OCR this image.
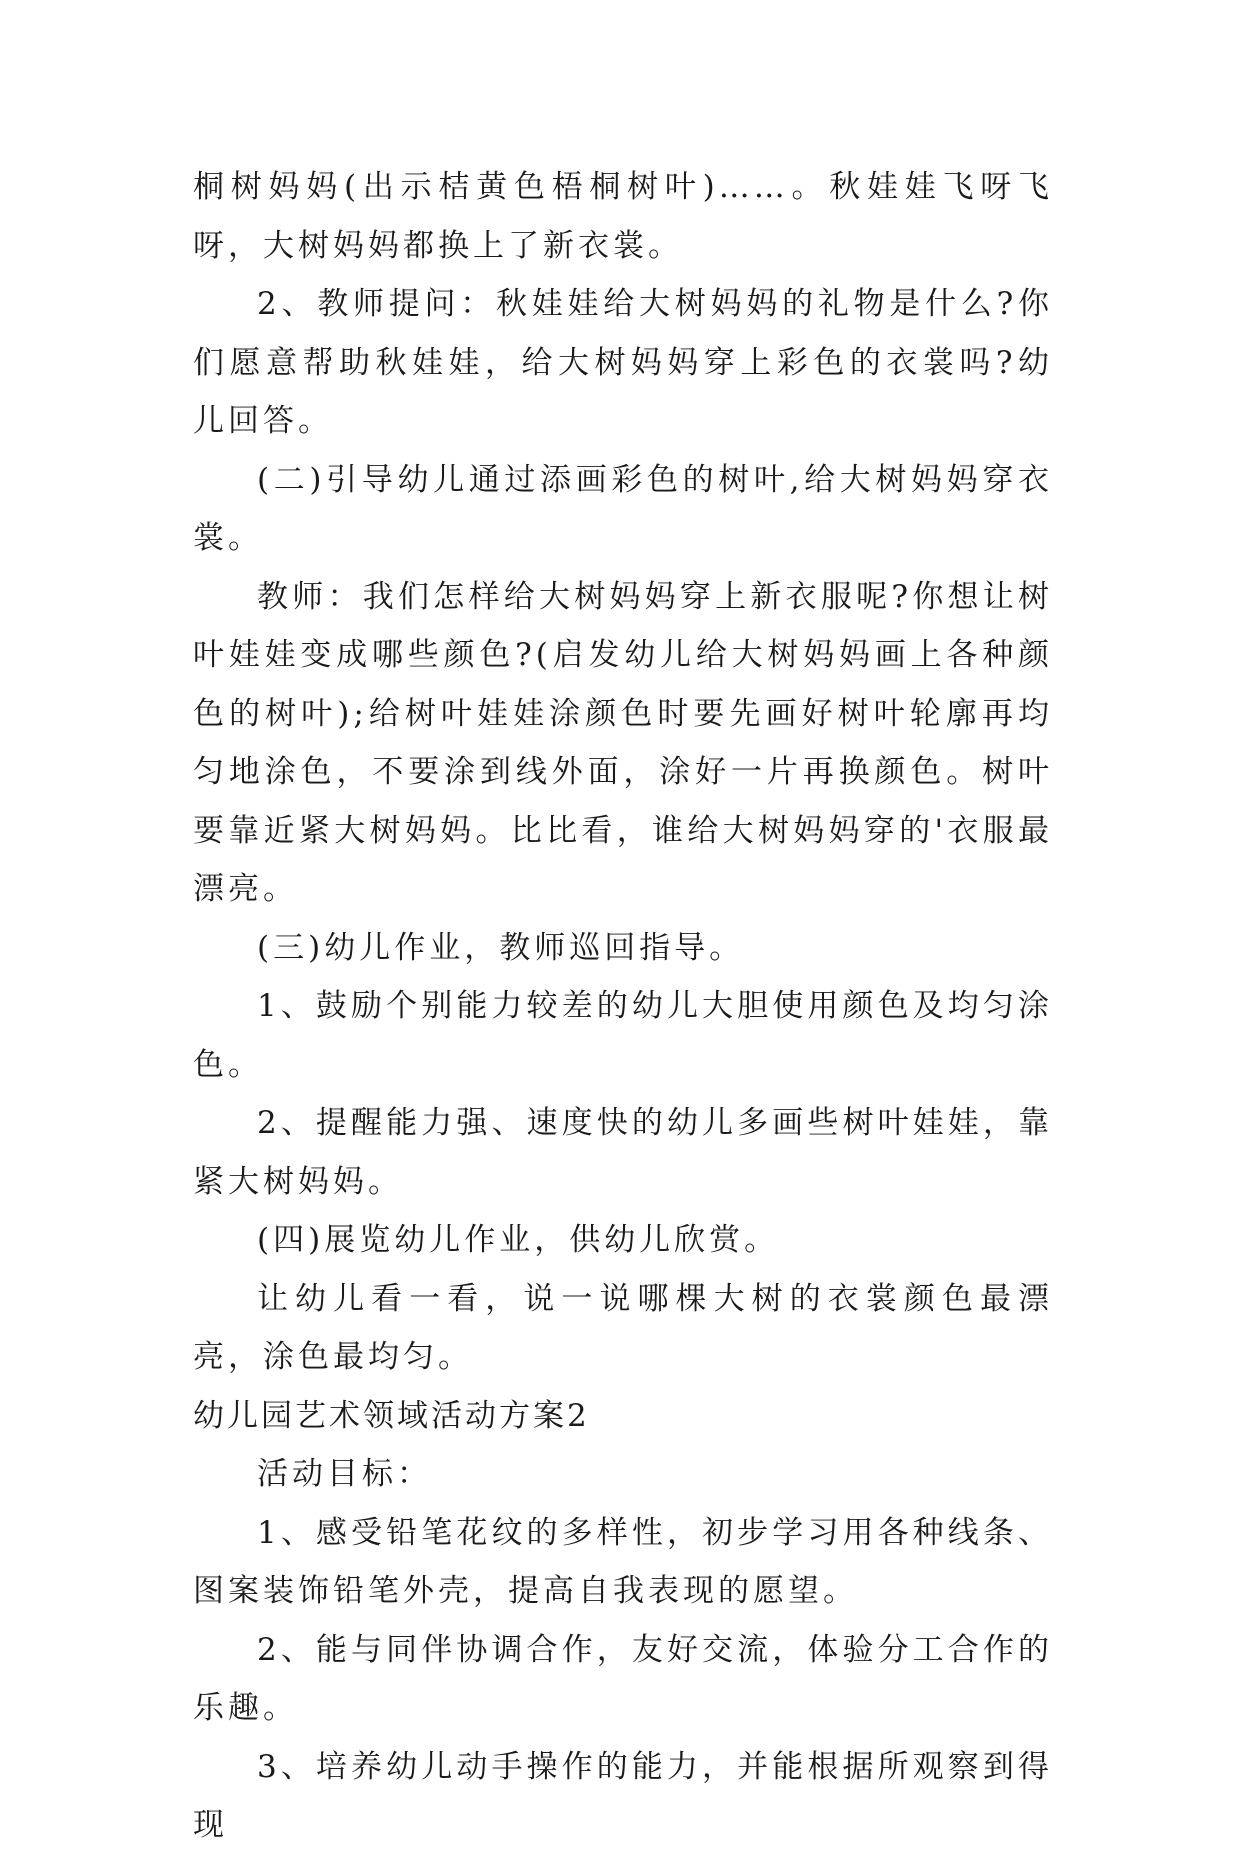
桐树妈妈(出示桔黄色梧桐树叶)……。秋娃娃飞呀飞呀，大树妈妈都换上了新衣裳。

2、教师提问：秋娃娃给大树妈妈的礼物是什么?你们愿意帮助秋娃娃，给大树妈妈穿上彩色的衣裳吗?幼儿回答。

(二)引导幼儿通过添画彩色的树叶,给大树妈妈穿衣裳。

教师：我们怎样给大树妈妈穿上新衣服呢?你想让树叶娃娃变成哪些颜色?(启发幼儿给大树妈妈画上各种颜色的树叶);给树叶娃娃涂颜色时要先画好树叶轮廓再均匀地涂色，不要涂到线外面，涂好一片再换颜色。树叶要靠近紧大树妈妈。比比看，谁给大树妈妈穿的'衣服最漂亮。

(三)幼儿作业，教师巡回指导。

1、鼓励个别能力较差的幼儿大胆使用颜色及均匀涂色。

2、提醒能力强、速度快的幼儿多画些树叶娃娃，靠紧大树妈妈。

(四)展览幼儿作业，供幼儿欣赏。

让幼儿看一看，说一说哪棵大树的衣裳颜色最漂亮，涂色最均匀。

幼儿园艺术领域活动方案2

活动目标：

1、感受铅笔花纹的多样性，初步学习用各种线条、图案装饰铅笔外壳，提高自我表现的愿望。

2、能与同伴协调合作，友好交流，体验分工合作的乐趣。

3、培养幼儿动手操作的能力，并能根据所观察到得现
